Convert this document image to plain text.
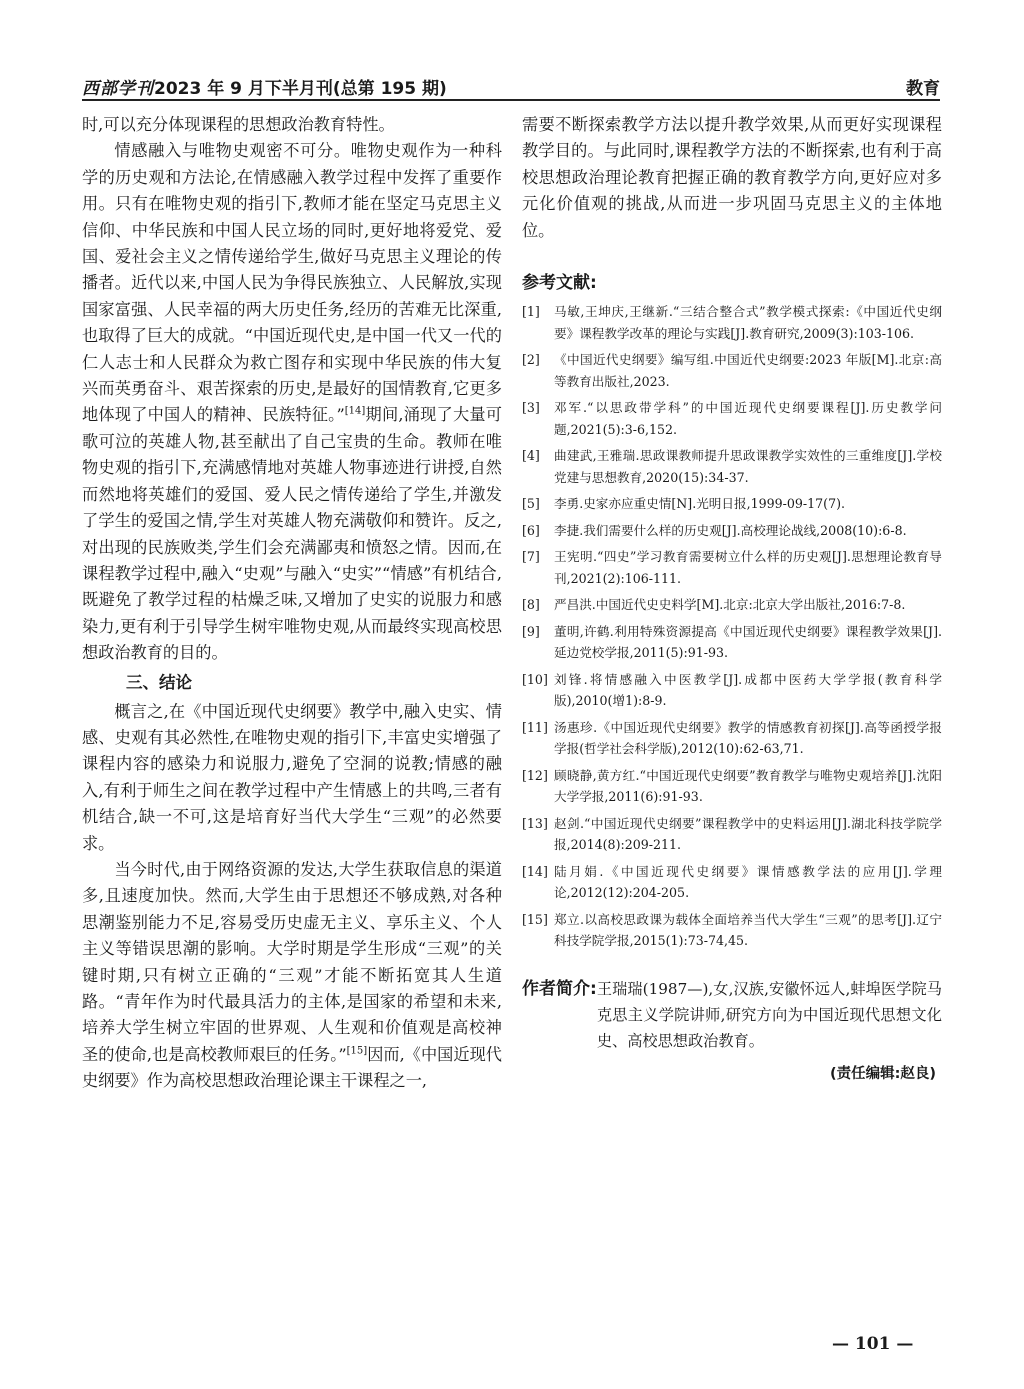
西部学刊2023 年 9 月下半月刊(总第 195 期)	教育

时,可以充分体现课程的思想政治教育特性。

情感融入与唯物史观密不可分。唯物史观作为一种科学的历史观和方法论,在情感融入教学过程中发挥了重要作用。只有在唯物史观的指引下,教师才能在坚定马克思主义信仰、中华民族和中国人民立场的同时,更好地将爱党、爱国、爱社会主义之情传递给学生,做好马克思主义理论的传播者。近代以来,中国人民为争得民族独立、人民解放,实现国家富强、人民幸福的两大历史任务,经历的苦难无比深重,也取得了巨大的成就。“中国近现代史,是中国一代又一代的仁人志士和人民群众为救亡图存和实现中华民族的伟大复兴而英勇奋斗、艰苦探索的历史,是最好的国情教育,它更多地体现了中国人的精神、民族特征。”[14]期间,涌现了大量可歌可泣的英雄人物,甚至献出了自己宝贵的生命。教师在唯物史观的指引下,充满感情地对英雄人物事迹进行讲授,自然而然地将英雄们的爱国、爱人民之情传递给了学生,并激发了学生的爱国之情,学生对英雄人物充满敬仰和赞许。反之,对出现的民族败类,学生们会充满鄙夷和愤怒之情。因而,在课程教学过程中,融入“史观”与融入“史实”“情感”有机结合,既避免了教学过程的枯燥乏味,又增加了史实的说服力和感染力,更有利于引导学生树牢唯物史观,从而最终实现高校思想政治教育的目的。

三、结论

概言之,在《中国近现代史纲要》教学中,融入史实、情感、史观有其必然性,在唯物史观的指引下,丰富史实增强了课程内容的感染力和说服力,避免了空洞的说教;情感的融入,有利于师生之间在教学过程中产生情感上的共鸣,三者有机结合,缺一不可,这是培育好当代大学生“三观”的必然要求。

当今时代,由于网络资源的发达,大学生获取信息的渠道多,且速度加快。然而,大学生由于思想还不够成熟,对各种思潮鉴别能力不足,容易受历史虚无主义、享乐主义、个人主义等错误思潮的影响。大学时期是学生形成“三观”的关键时期,只有树立正确的“三观”才能不断拓宽其人生道路。“青年作为时代最具活力的主体,是国家的希望和未来,培养大学生树立牢固的世界观、人生观和价值观是高校神圣的使命,也是高校教师艰巨的任务。”[15]因而,《中国近现代史纲要》作为高校思想政治理论课主干课程之一,

需要不断探索教学方法以提升教学效果,从而更好实现课程教学目的。与此同时,课程教学方法的不断探索,也有利于高校思想政治理论教育把握正确的教育教学方向,更好应对多元化价值观的挑战,从而进一步巩固马克思主义的主体地位。

参考文献:
[1]	马敏,王坤庆,王继新.“三结合整合式”教学模式探索:《中国近代史纲要》课程教学改革的理论与实践[J].教育研究,2009(3):103-106.
[2]	《中国近代史纲要》编写组.中国近代史纲要:2023 年版[M].北京:高等教育出版社,2023.
[3]	邓军.“以思政带学科”的中国近现代史纲要课程[J].历史教学问题,2021(5):3-6,152.
[4]	曲建武,王雅瑞.思政课教师提升思政课教学实效性的三重维度[J].学校党建与思想教育,2020(15):34-37.
[5]	李勇.史家亦应重史情[N].光明日报,1999-09-17(7).
[6]	李捷.我们需要什么样的历史观[J].高校理论战线,2008(10):6-8.
[7]	王宪明.“四史”学习教育需要树立什么样的历史观[J].思想理论教育导刊,2021(2):106-111.
[8]	严昌洪.中国近代史史料学[M].北京:北京大学出版社,2016:7-8.
[9]	董明,许鹤.利用特殊资源提高《中国近现代史纲要》课程教学效果[J].延边党校学报,2011(5):91-93.
[10] 刘锋.将情感融入中医教学[J].成都中医药大学学报(教育科学版),2010(增1):8-9.
[11] 汤惠珍.《中国近现代史纲要》教学的情感教育初探[J].高等函授学报学报(哲学社会科学版),2012(10):62-63,71.
[12] 顾晓静,黄方红.“中国近现代史纲要”教育教学与唯物史观培养[J].沈阳大学学报,2011(6):91-93.
[13] 赵剑.“中国近现代史纲要”课程教学中的史料运用[J].湖北科技学院学报,2014(8):209-211.
[14] 陆月娟.《中国近现代史纲要》课情感教学法的应用[J].学理论,2012(12):204-205.
[15] 郑立.以高校思政课为载体全面培养当代大学生“三观”的思考[J].辽宁科技学院学报,2015(1):73-74,45.
作者简介: 王瑞瑞(1987—),女,汉族,安徽怀远人,蚌埠医学院马克思主义学院讲师,研究方向为中国近现代思想文化史、高校思想政治教育。
(责任编辑:赵良)
— 101 —
